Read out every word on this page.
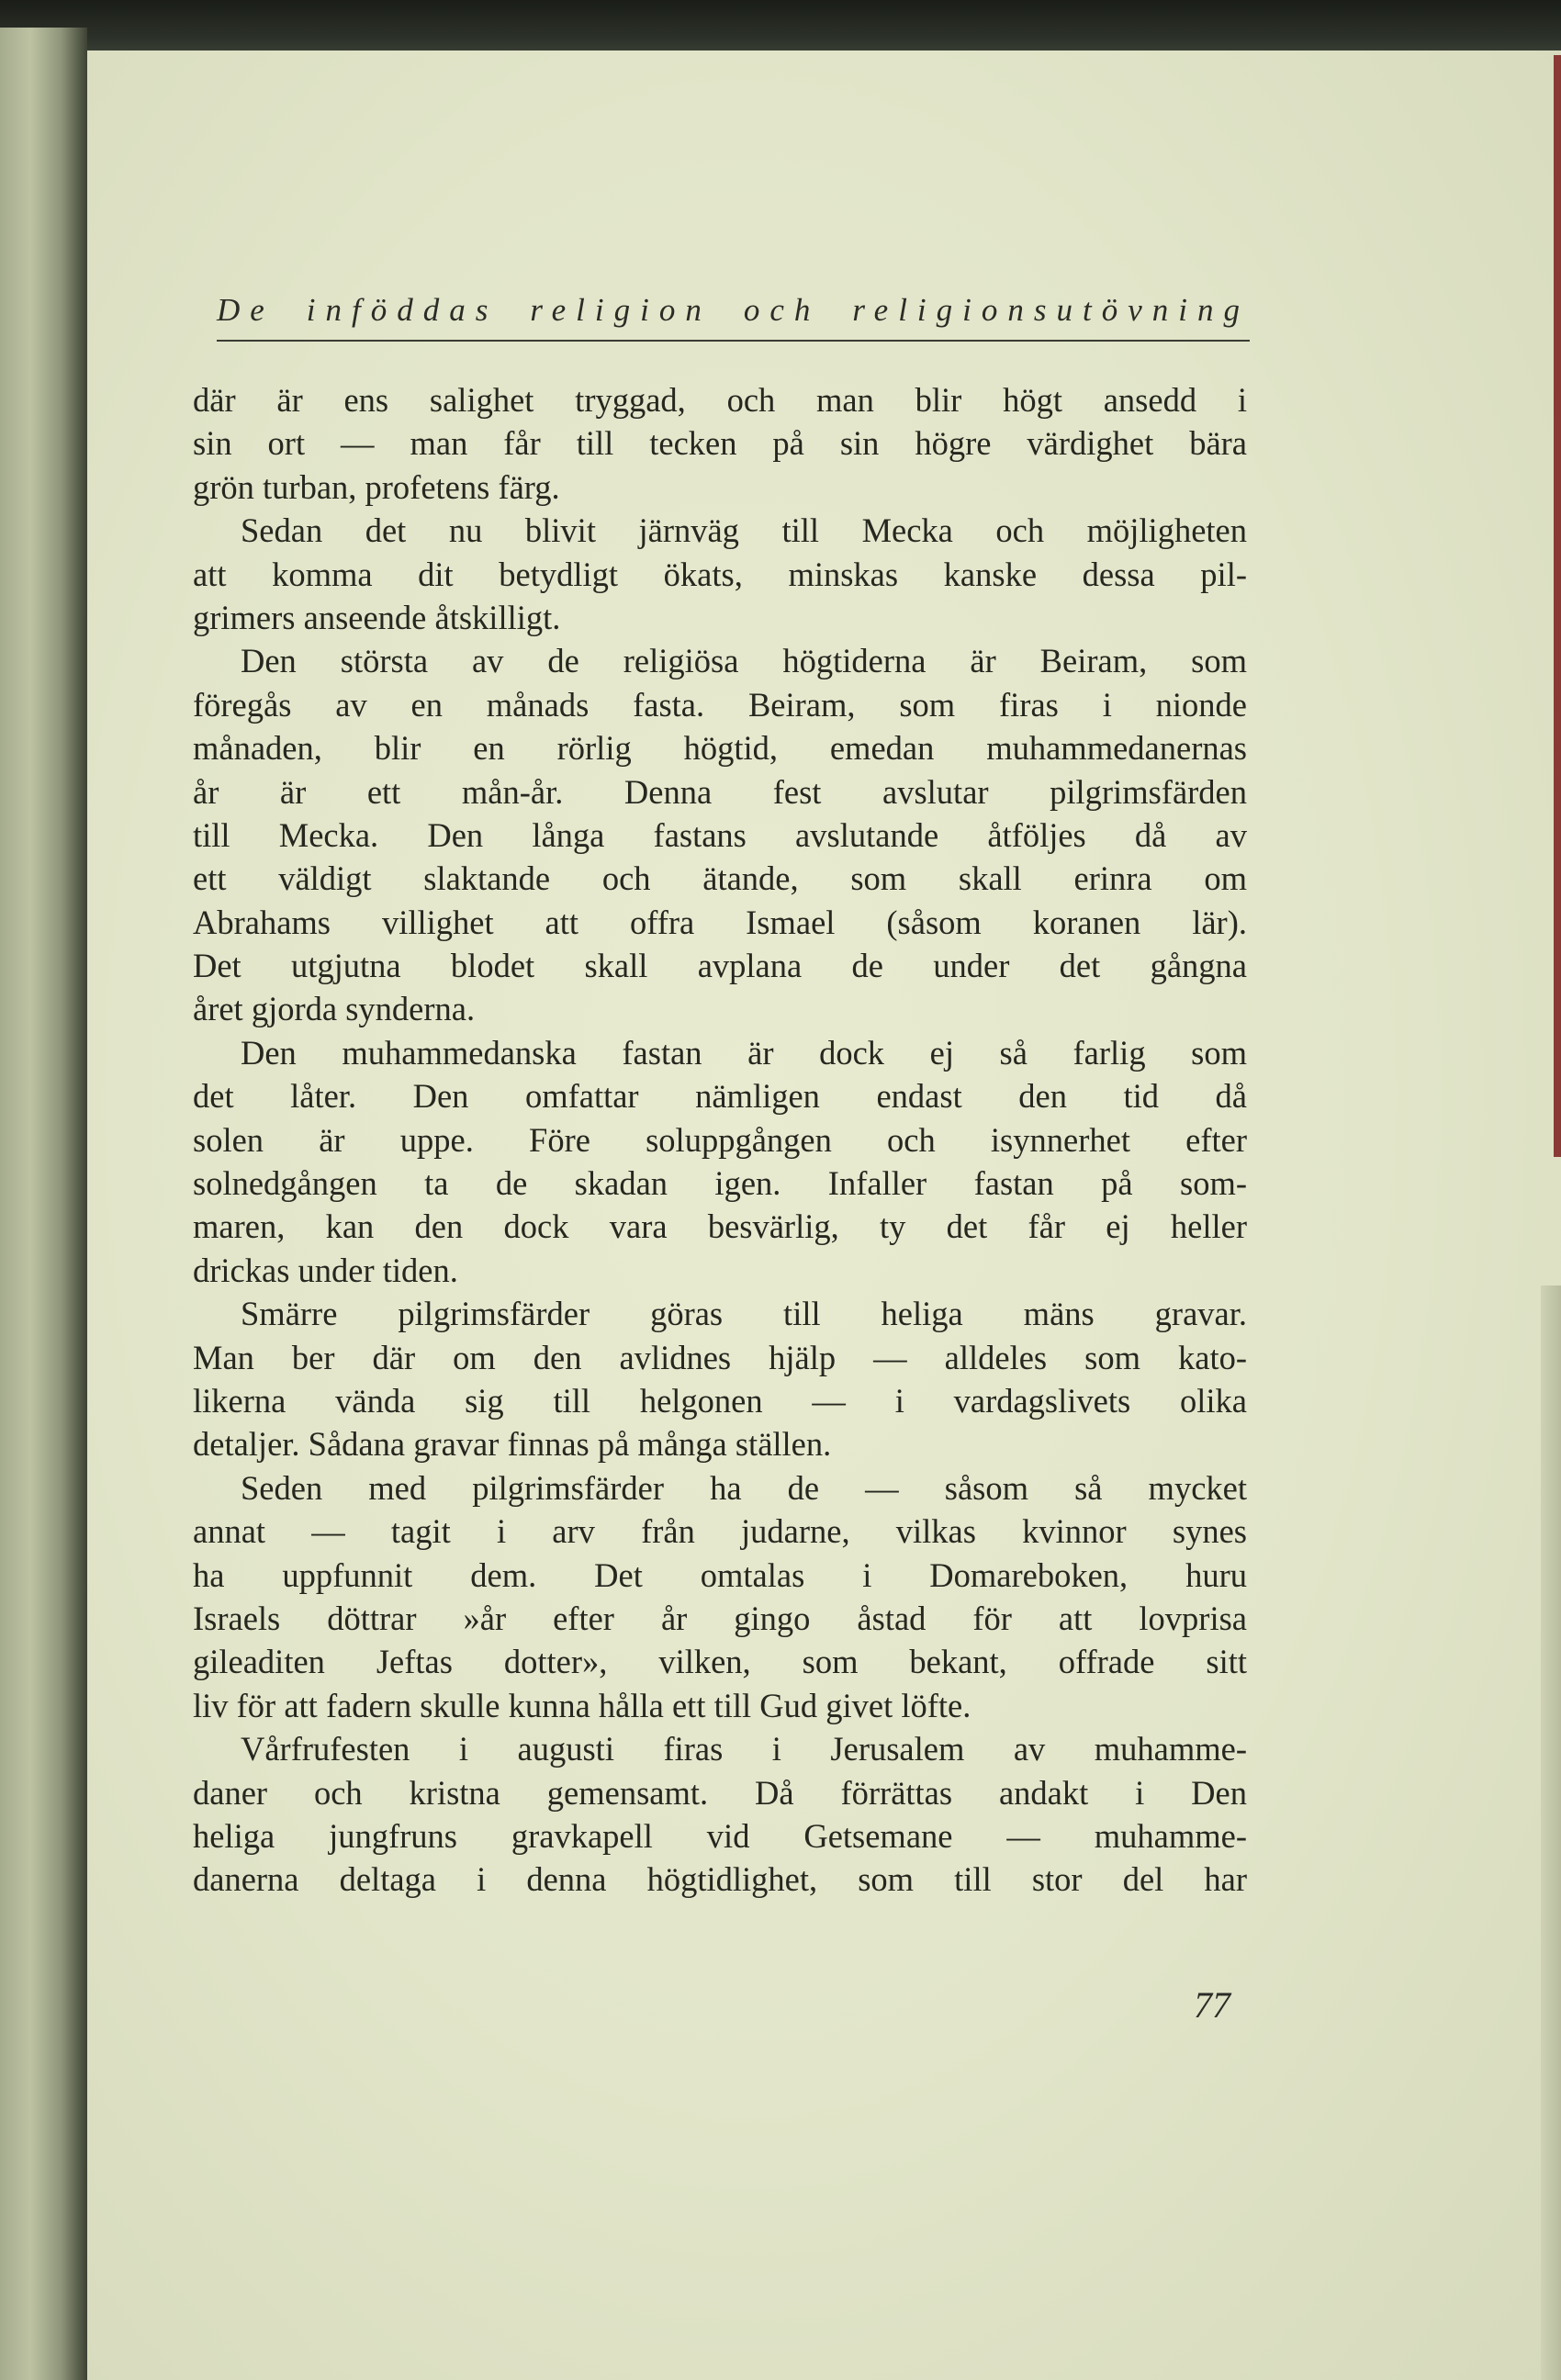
De inföddas religion och religionsutövning
där är ens salighet tryggad, och man blir högt ansedd i
sin ort — man får till tecken på sin högre värdighet bära
grön turban, profetens färg.
Sedan det nu blivit järnväg till Mecka och möjligheten
att komma dit betydligt ökats, minskas kanske dessa pil-
grimers anseende åtskilligt.
Den största av de religiösa högtiderna är Beiram, som
föregås av en månads fasta. Beiram, som firas i nionde
månaden, blir en rörlig högtid, emedan muhammedanernas
år är ett mån-år. Denna fest avslutar pilgrimsfärden
till Mecka. Den långa fastans avslutande åtföljes då av
ett väldigt slaktande och ätande, som skall erinra om
Abrahams villighet att offra Ismael (såsom koranen lär).
Det utgjutna blodet skall avplana de under det gångna
året gjorda synderna.
Den muhammedanska fastan är dock ej så farlig som
det låter. Den omfattar nämligen endast den tid då
solen är uppe. Före soluppgången och isynnerhet efter
solnedgången ta de skadan igen. Infaller fastan på som-
maren, kan den dock vara besvärlig, ty det får ej heller
drickas under tiden.
Smärre pilgrimsfärder göras till heliga mäns gravar.
Man ber där om den avlidnes hjälp — alldeles som kato-
likerna vända sig till helgonen — i vardagslivets olika
detaljer. Sådana gravar finnas på många ställen.
Seden med pilgrimsfärder ha de — såsom så mycket
annat — tagit i arv från judarne, vilkas kvinnor synes
ha uppfunnit dem. Det omtalas i Domareboken, huru
Israels döttrar »år efter år gingo åstad för att lovprisa
gileaditen Jeftas dotter», vilken, som bekant, offrade sitt
liv för att fadern skulle kunna hålla ett till Gud givet löfte.
Vårfrufesten i augusti firas i Jerusalem av muhamme-
daner och kristna gemensamt. Då förrättas andakt i Den
heliga jungfruns gravkapell vid Getsemane — muhamme-
danerna deltaga i denna högtidlighet, som till stor del har
77
